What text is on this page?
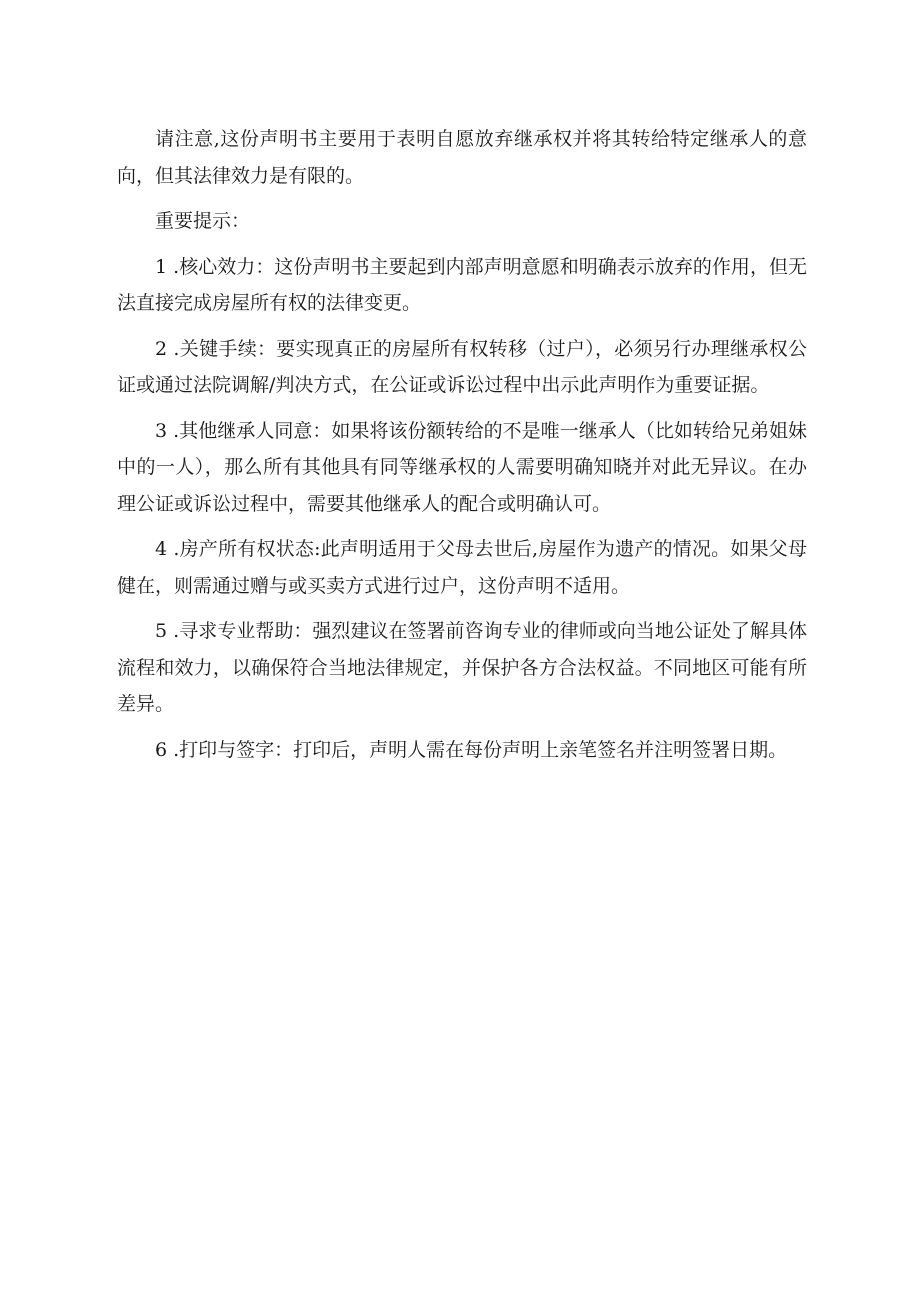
请注意,这份声明书主要用于表明自愿放弃继承权并将其转给特定继承人的意向，但其法律效力是有限的。

重要提示：

1 .核心效力：这份声明书主要起到内部声明意愿和明确表示放弃的作用，但无法直接完成房屋所有权的法律变更。

2 .关键手续：要实现真正的房屋所有权转移（过户），必须另行办理继承权公证或通过法院调解/判决方式，在公证或诉讼过程中出示此声明作为重要证据。

3 .其他继承人同意：如果将该份额转给的不是唯一继承人（比如转给兄弟姐妹中的一人），那么所有其他具有同等继承权的人需要明确知晓并对此无异议。在办理公证或诉讼过程中，需要其他继承人的配合或明确认可。

4 .房产所有权状态:此声明适用于父母去世后,房屋作为遗产的情况。如果父母健在，则需通过赠与或买卖方式进行过户，这份声明不适用。

5 .寻求专业帮助：强烈建议在签署前咨询专业的律师或向当地公证处了解具体流程和效力，以确保符合当地法律规定，并保护各方合法权益。不同地区可能有所差异。

6 .打印与签字：打印后，声明人需在每份声明上亲笔签名并注明签署日期。
